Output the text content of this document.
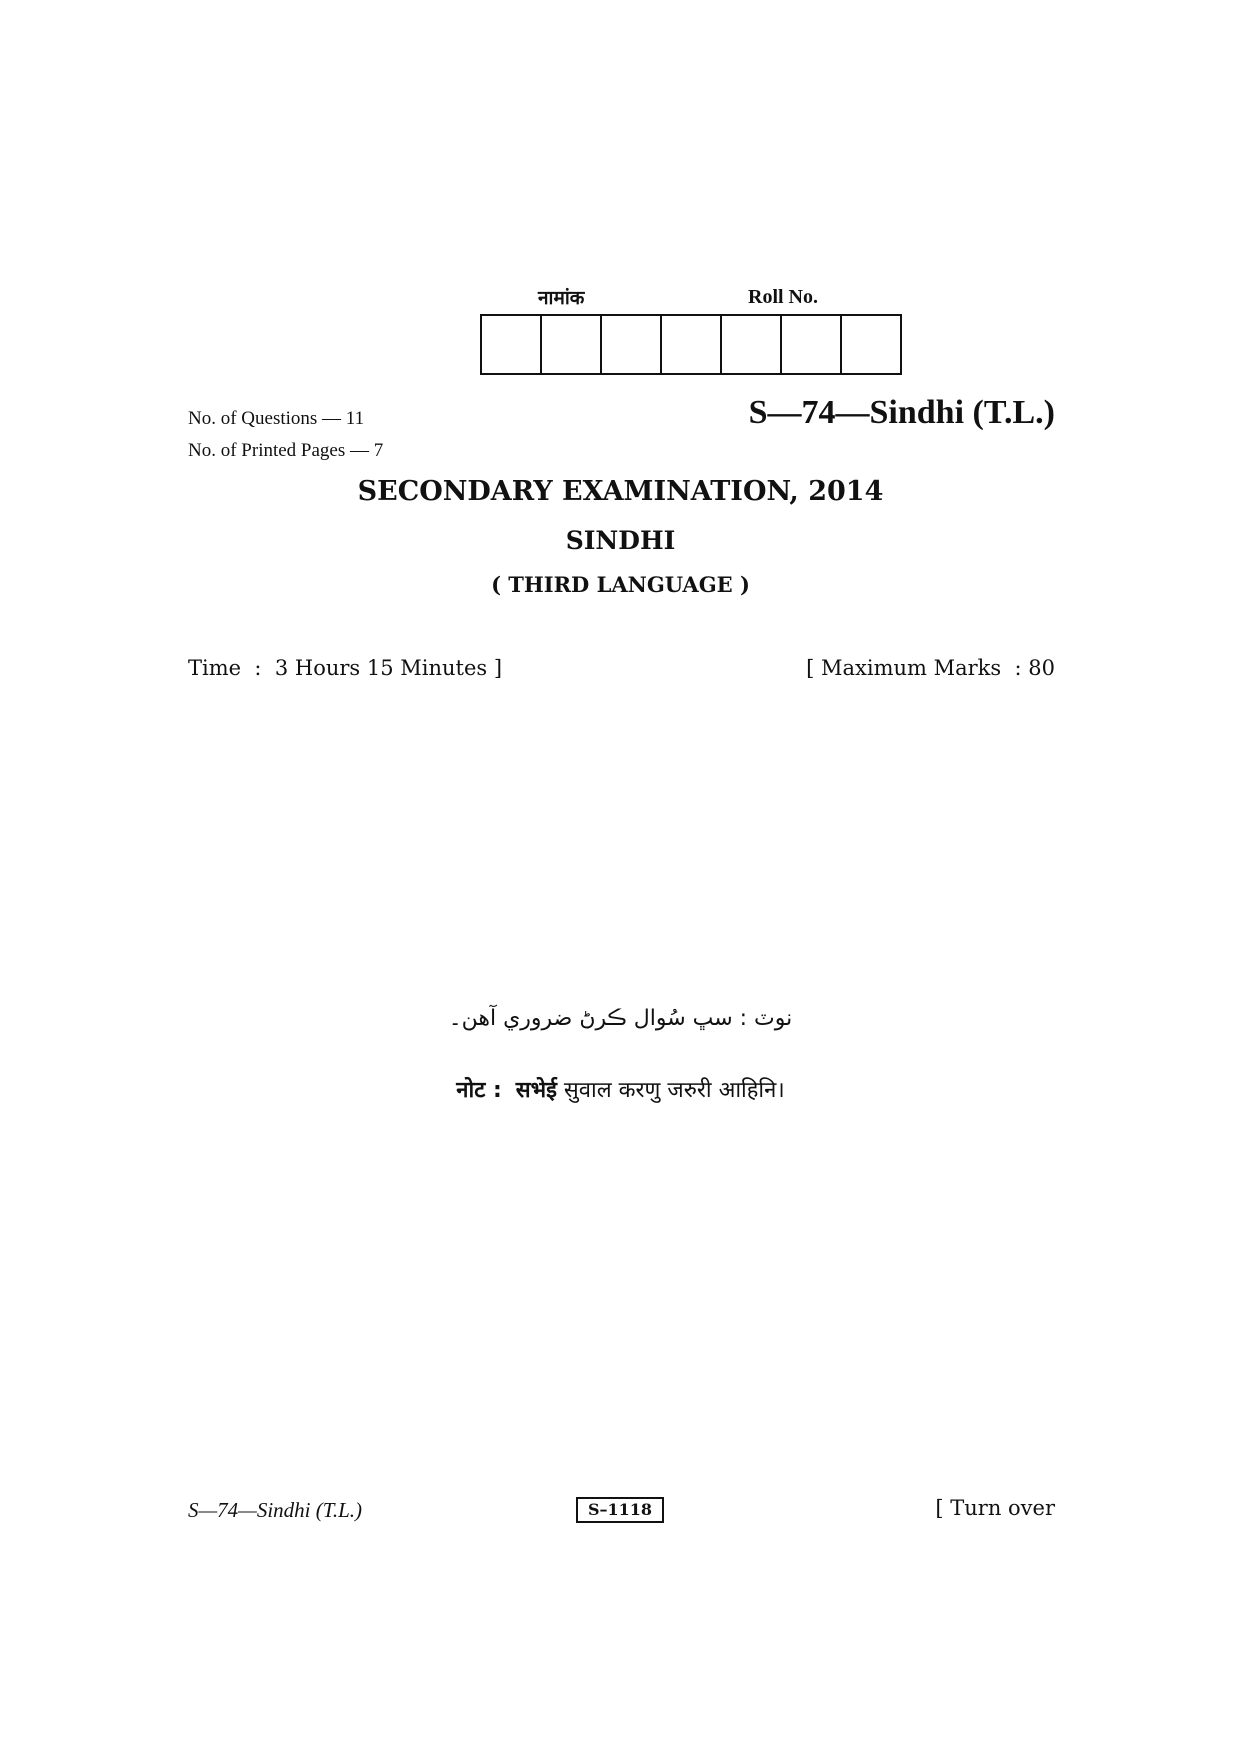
नामांक	Roll No.
No. of Questions — 11
No. of Printed Pages — 7
S—74—Sindhi (T.L.)
SECONDARY EXAMINATION, 2014
SINDHI
( THIRD LANGUAGE )
Time  :  3 Hours 15 Minutes ]	[ Maximum Marks  : 80
نوٽ : سڀ سُوال ڪرڻ ضروري آهن۔
नोट : सभेई सुवाल करणु जरुरी आहिनि।
S—74—Sindhi (T.L.)	S–1118	[ Turn over
